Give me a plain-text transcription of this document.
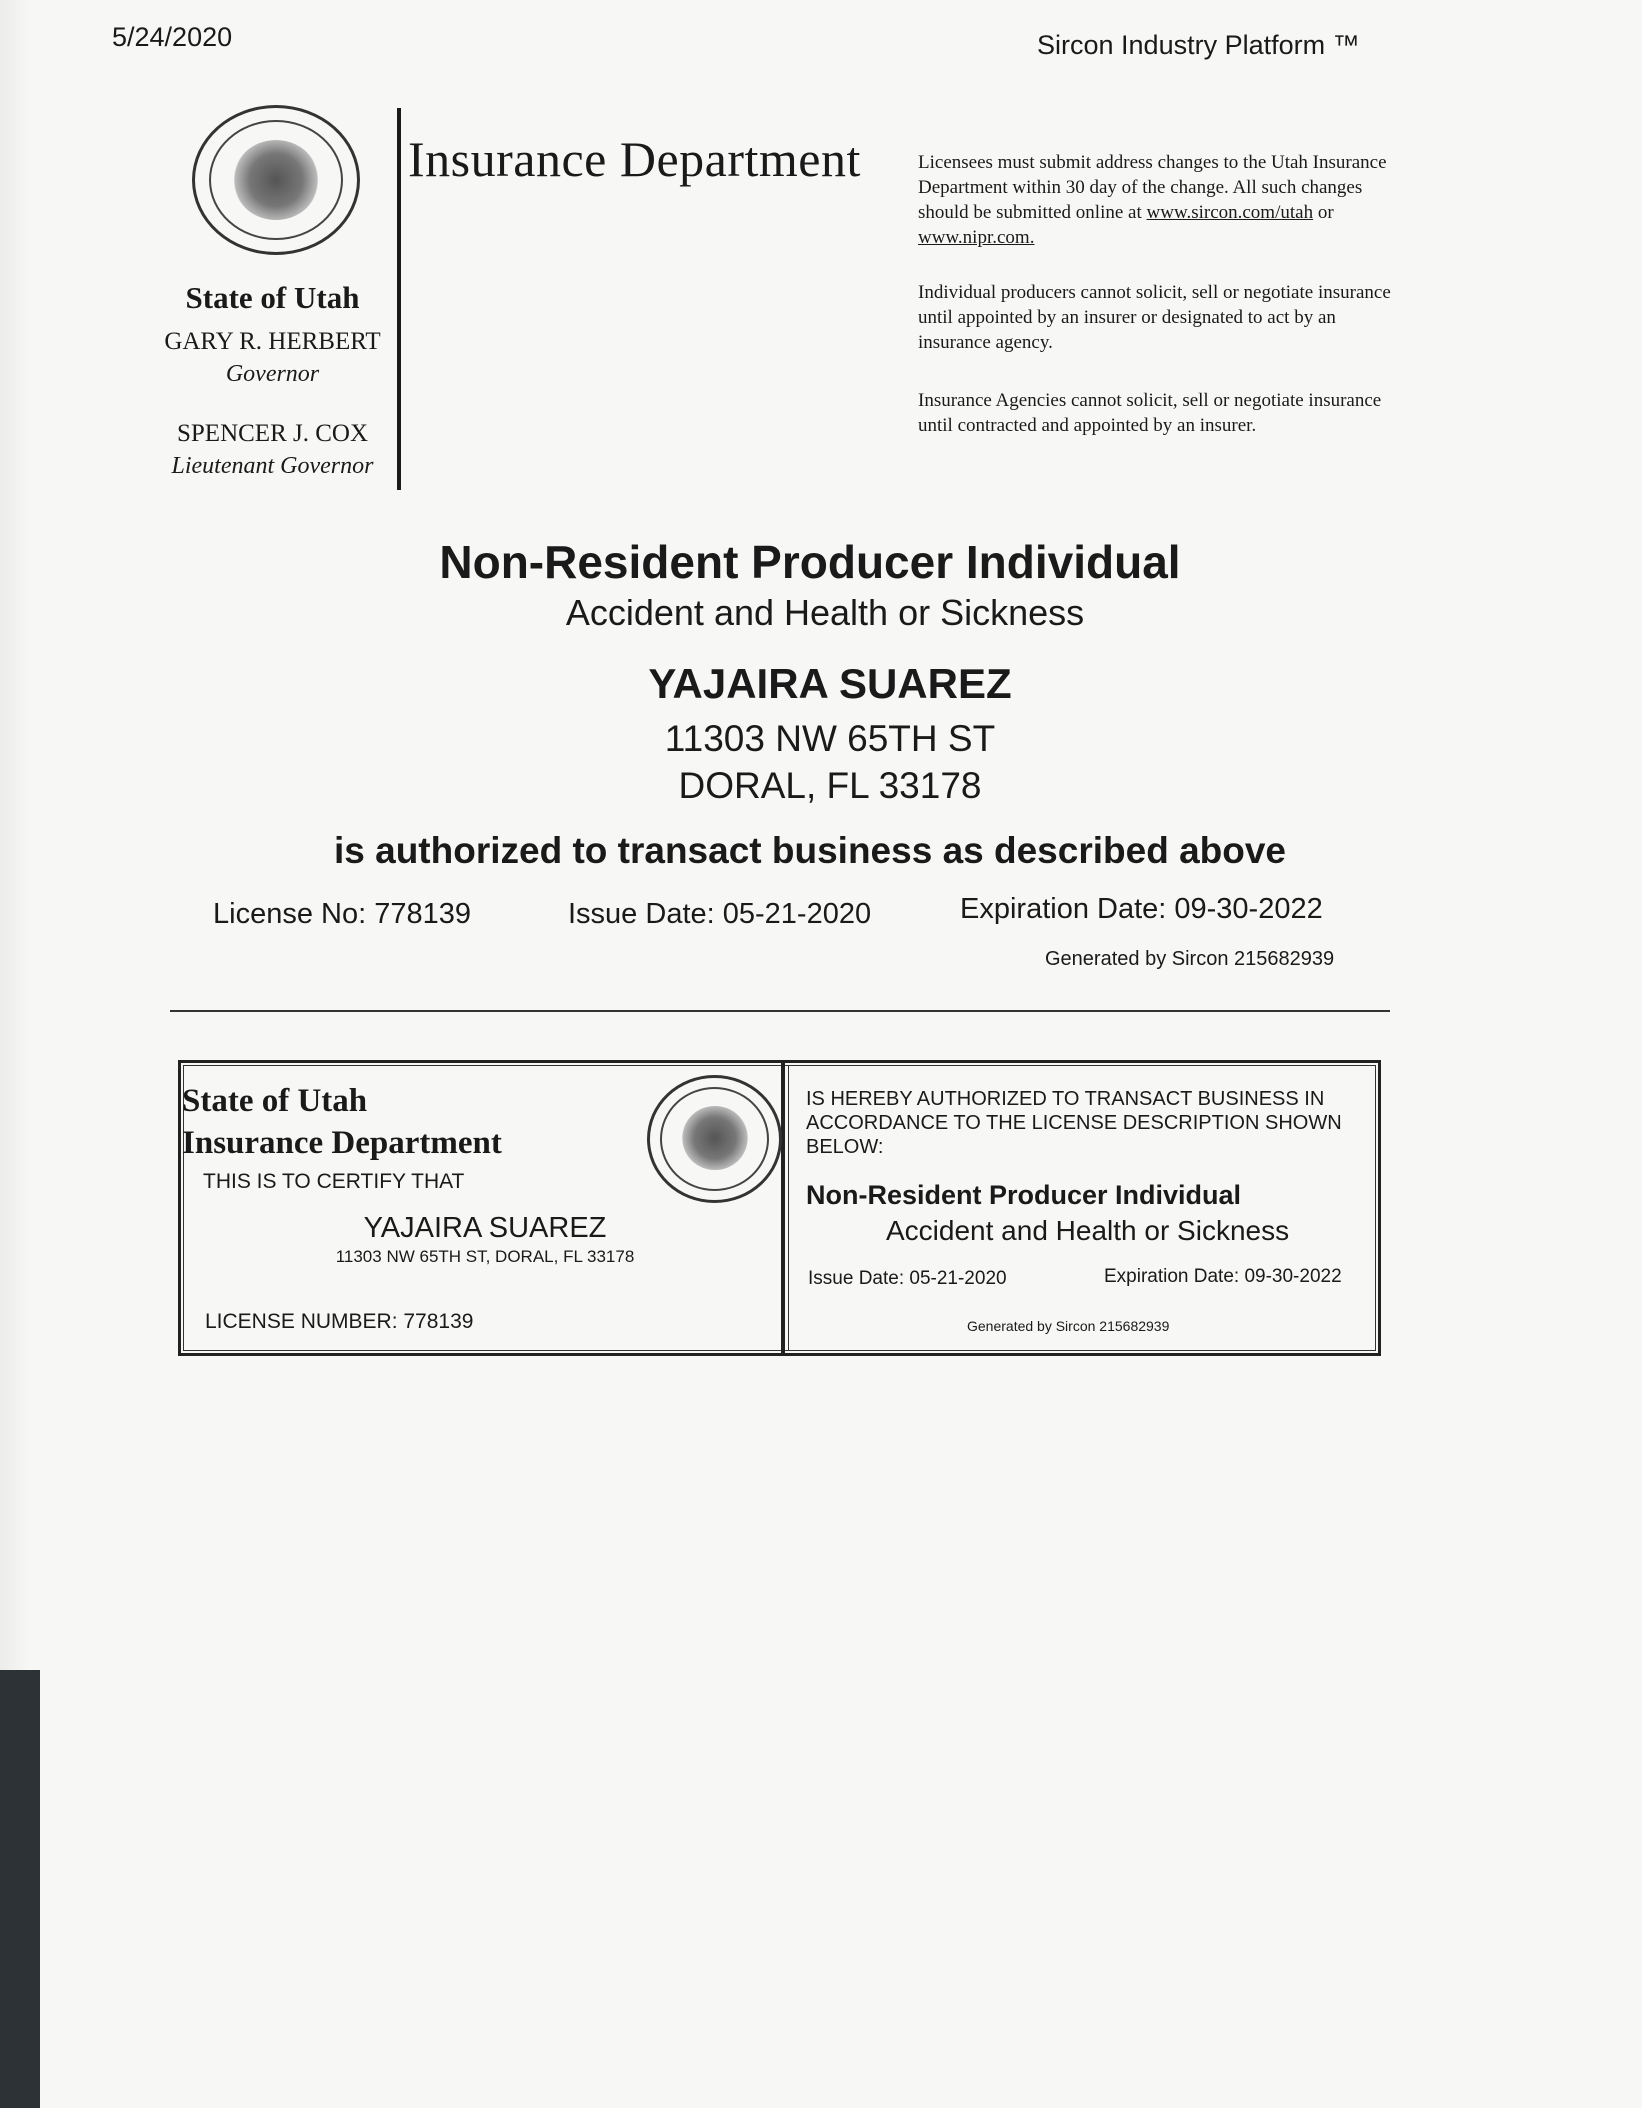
5/24/2020	Sircon Industry Platform ™
State of Utah
GARY R. HERBERT
Governor
SPENCER J. COX
Lieutenant Governor
Insurance Department	Licensees must submit address changes to the Utah Insurance Department within 30 day of the change. All such changes should be submitted online at www.sircon.com/utah or www.nipr.com.
Individual producers cannot solicit, sell or negotiate insurance until appointed by an insurer or designated to act by an insurance agency.
Insurance Agencies cannot solicit, sell or negotiate insurance until contracted and appointed by an insurer.
Non-Resident Producer Individual
Accident and Health or Sickness
YAJAIRA SUAREZ
11303 NW 65TH ST
DORAL, FL 33178
is authorized to transact business as described above
License No: 778139	Issue Date: 05-21-2020	Expiration Date: 09-30-2022
Generated by Sircon 215682939
State of Utah
Insurance Department
THIS IS TO CERTIFY THAT
YAJAIRA SUAREZ
11303 NW 65TH ST, DORAL, FL 33178
LICENSE NUMBER: 778139
IS HEREBY AUTHORIZED TO TRANSACT BUSINESS IN ACCORDANCE TO THE LICENSE DESCRIPTION SHOWN BELOW:
Non-Resident Producer Individual
Accident and Health or Sickness
Issue Date: 05-21-2020	Expiration Date: 09-30-2022
Generated by Sircon 215682939
